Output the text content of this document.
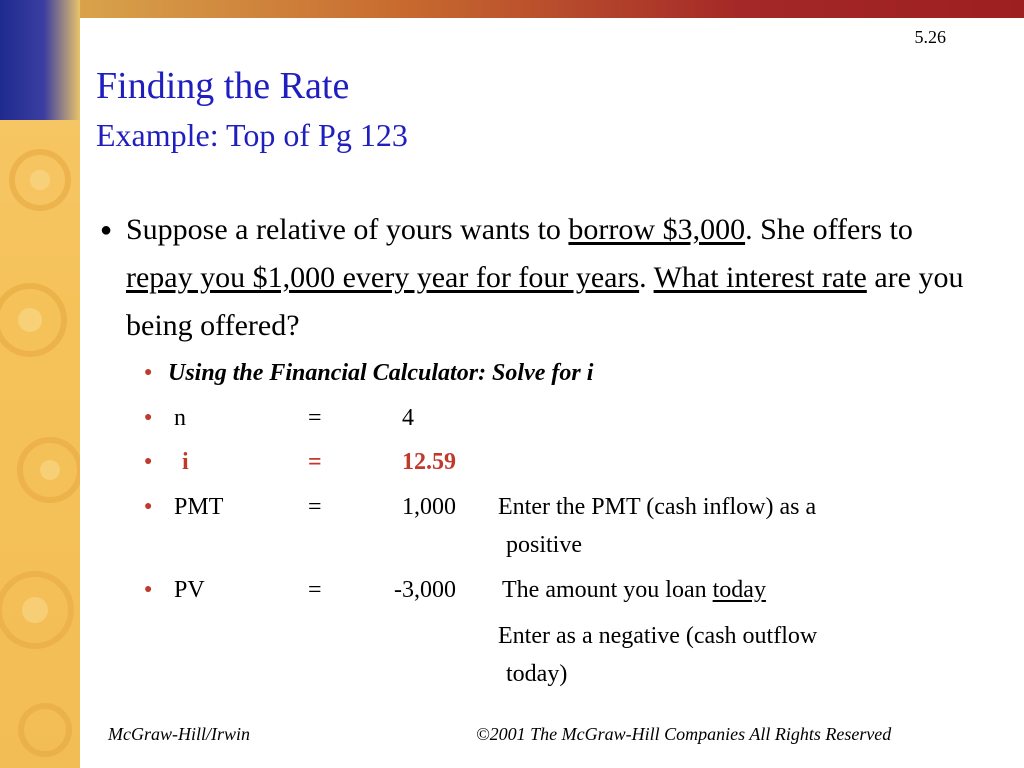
5.26
Finding the Rate
Example: Top of Pg 123
● Suppose a relative of yours wants to borrow $3,000. She offers to repay you $1,000 every year for four years. What interest rate are you being offered?
● Using the Financial Calculator: Solve for i
● n	=	4
● i	=	12.59
● PMT	=	1,000 Enter the PMT (cash inflow) as a
positive
● PV	=	-3,000 The amount you loan today
Enter as a negative (cash outflow
today)
McGraw-Hill/Irwin	©2001 The McGraw-Hill Companies All Rights Reserved
